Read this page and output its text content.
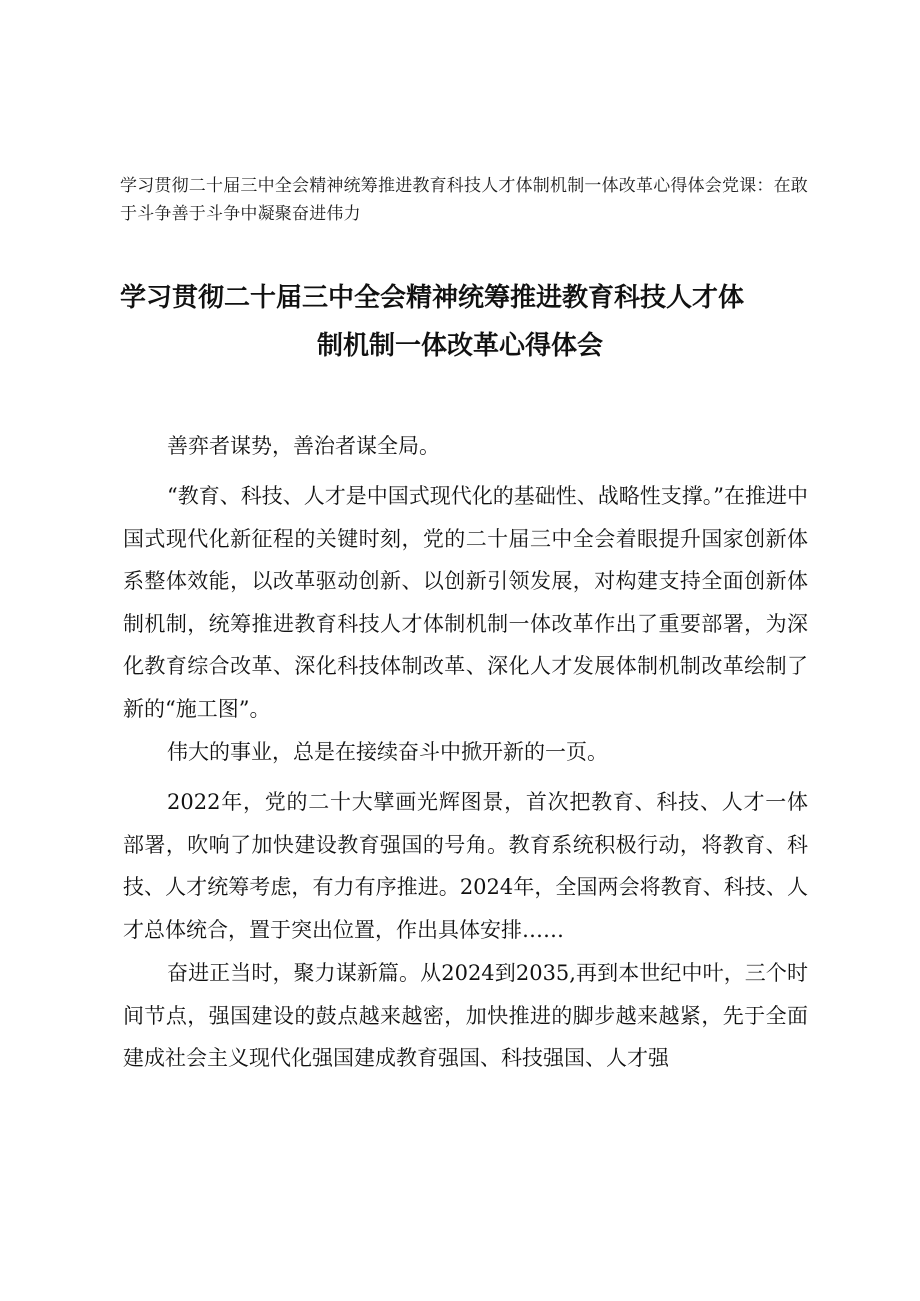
学习贯彻二十届三中全会精神统筹推进教育科技人才体制机制一体改革心得体会党课：在敢于斗争善于斗争中凝聚奋进伟力

学习贯彻二十届三中全会精神统筹推进教育科技人才体
制机制一体改革心得体会

善弈者谋势，善治者谋全局。

“教育、科技、人才是中国式现代化的基础性、战略性支撑。”在推进中国式现代化新征程的关键时刻，党的二十届三中全会着眼提升国家创新体系整体效能，以改革驱动创新、以创新引领发展，对构建支持全面创新体制机制，统筹推进教育科技人才体制机制一体改革作出了重要部署，为深化教育综合改革、深化科技体制改革、深化人才发展体制机制改革绘制了新的“施工图”。

伟大的事业，总是在接续奋斗中掀开新的一页。

2022年，党的二十大擘画光辉图景，首次把教育、科技、人才一体部署，吹响了加快建设教育强国的号角。教育系统积极行动，将教育、科技、人才统筹考虑，有力有序推进。2024年，全国两会将教育、科技、人才总体统合，置于突出位置，作出具体安排……

奋进正当时，聚力谋新篇。从2024到2035,再到本世纪中叶，三个时间节点，强国建设的鼓点越来越密，加快推进的脚步越来越紧，先于全面建成社会主义现代化强国建成教育强国、科技强国、人才强
